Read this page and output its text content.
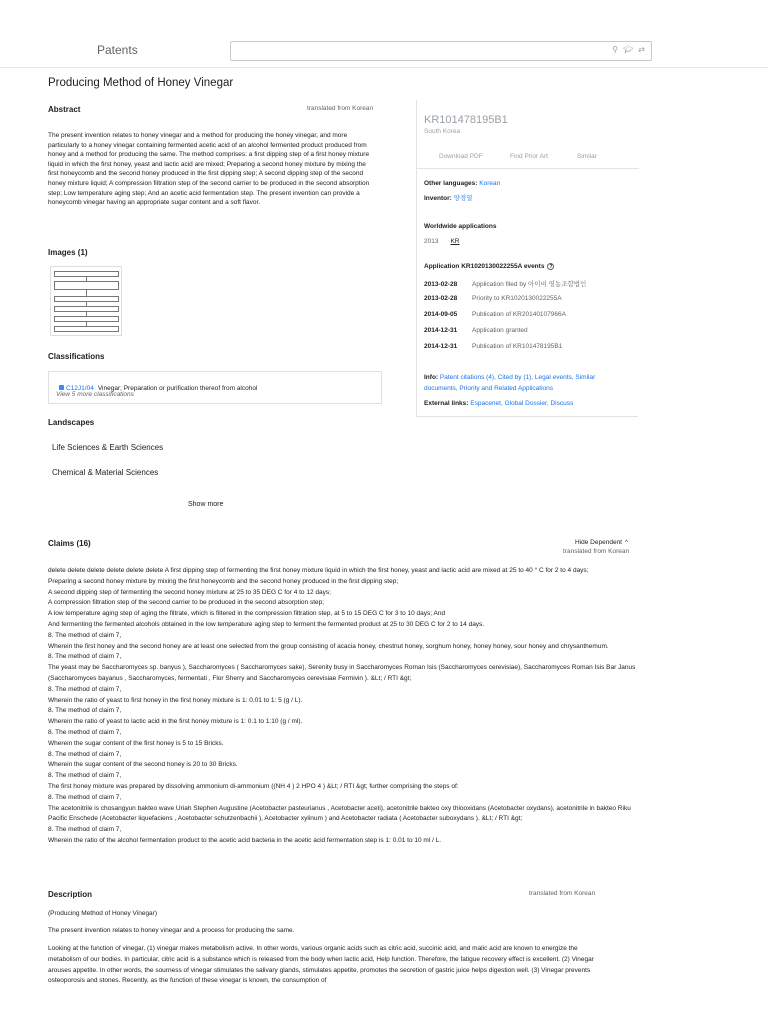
Patents	⚲ 🎓︎ ⇄
Producing Method of Honey Vinegar
Abstract	translated from Korean
The present invention relates to honey vinegar and a method for producing the honey vinegar, and more particularly to a honey vinegar containing fermented acetic acid of an alcohol fermented product produced from honey and a method for producing the same. The method comprises: a first dipping step of a first honey mixture liquid in which the first honey, yeast and lactic acid are mixed; Preparing a second honey mixture by mixing the first honeycomb and the second honey produced in the first dipping step; A second dipping step of the second honey mixture liquid; A compression filtration step of the second carrier to be produced in the second absorption step; Low temperature aging step; And an acetic acid fermentation step. The present invention can provide a honeycomb vinegar having an appropriate sugar content and a soft flavor.
Images (1)
Classifications
C12J1/04 Vinegar; Preparation or purification thereof from alcohol
View 5 more classifications
Landscapes
Life Sciences & Earth Sciences
Chemical & Material Sciences
Show more
KR101478195B1
South Korea
Download PDF	Find Prior Art	Similar
Other languages: Korean
Inventor: 양경열
Worldwide applications
2013 KR
Application KR1020130022255A events ?
2013-02-28 Application filed by 아이비 영농조합법인
2013-02-28 Priority to KR1020130022255A
2014-09-05 Publication of KR20140107966A
2014-12-31 Application granted
2014-12-31 Publication of KR101478195B1
Info: Patent citations (4), Cited by (1), Legal events, Similar documents, Priority and Related Applications
External links: Espacenet, Global Dossier, Discuss
Claims (16)	Hide Dependent ^
translated from Korean

delete delete delete delete delete delete A first dipping step of fermenting the first honey mixture liquid in which the first honey, yeast and lactic acid are mixed at 25 to 40 ° C for 2 to 4 days;

Preparing a second honey mixture by mixing the first honeycomb and the second honey produced in the first dipping step;

A second dipping step of fermenting the second honey mixture at 25 to 35 DEG C for 4 to 12 days;

A compression filtration step of the second carrier to be produced in the second absorption step;

A low temperature aging step of aging the filtrate, which is filtered in the compression filtration step, at 5 to 15 DEG C for 3 to 10 days; And

And fermenting the fermented alcohols obtained in the low temperature aging step to ferment the fermented product at 25 to 30 DEG C for 2 to 14 days.

8. The method of claim 7,

Wherein the first honey and the second honey are at least one selected from the group consisting of acacia honey, chestnut honey, sorghum honey, honey honey, sour honey and chrysanthemum.

8. The method of claim 7,

The yeast may be Saccharomyces sp. banyus ), Saccharomyces ( Saccharomyces sake), Serenity busy in Saccharomyces Roman Isis (Saccharomyces cerevisiae), Saccharomyces Roman Isis Bar Janus (Saccharomyces bayanus , Saccharomyces, fermentati , Flor Sherry and Saccharomyces cerevisiae Fermivin ). &Lt; / RTI &gt;

8. The method of claim 7,

Wherein the ratio of yeast to first honey in the first honey mixture is 1: 0.01 to 1: 5 (g / L).

8. The method of claim 7,

Wherein the ratio of yeast to lactic acid in the first honey mixture is 1: 0.1 to 1:10 (g / ml).

8. The method of claim 7,

Wherein the sugar content of the first honey is 5 to 15 Bricks.

8. The method of claim 7,

Wherein the sugar content of the second honey is 20 to 30 Bricks.

8. The method of claim 7,

The first honey mixture was prepared by dissolving ammonium di-ammonium ((NH 4 ) 2 HPO 4 ) &Lt; / RTI &gt; further comprising the steps of:

8. The method of claim 7,

The acetonitrile is chosangyun bakteo wave Uriah Stephen Augustine (Acetobacter pasteurianus , Acetobacter aceti), acetonitrile bakteo oxy thiooxidans (Acetobacter oxydans), acetonitrile in bakteo Riku Pacific Enschede (Acetobacter liquefaciens , Acetobacter schutzenbachii ), Acetobacter xylinum ) and Acetobacter radiata ( Acetobacter suboxydans ). &Lt; / RTI &gt;

8. The method of claim 7,

Wherein the ratio of the alcohol fermentation product to the acetic acid bacteria in the acetic acid fermentation step is 1: 0.01 to 10 ml / L.

Description	translated from Korean
(Producing Method of Honey Vinegar)
The present invention relates to honey vinegar and a process for producing the same.
Looking at the function of vinegar, (1) vinegar makes metabolism active. In other words, various organic acids such as citric acid, succinic acid, and malic acid are known to energize the metabolism of our bodies. In particular, citric acid is a substance which is released from the body when lactic acid, Help function. Therefore, the fatigue recovery effect is excellent. (2) Vinegar arouses appetite. In other words, the sourness of vinegar stimulates the salivary glands, stimulates appetite, promotes the secretion of gastric juice helps digestion well. (3) Vinegar prevents osteoporosis and stones. Recently, as the function of these vinegar is known, the consumption of
